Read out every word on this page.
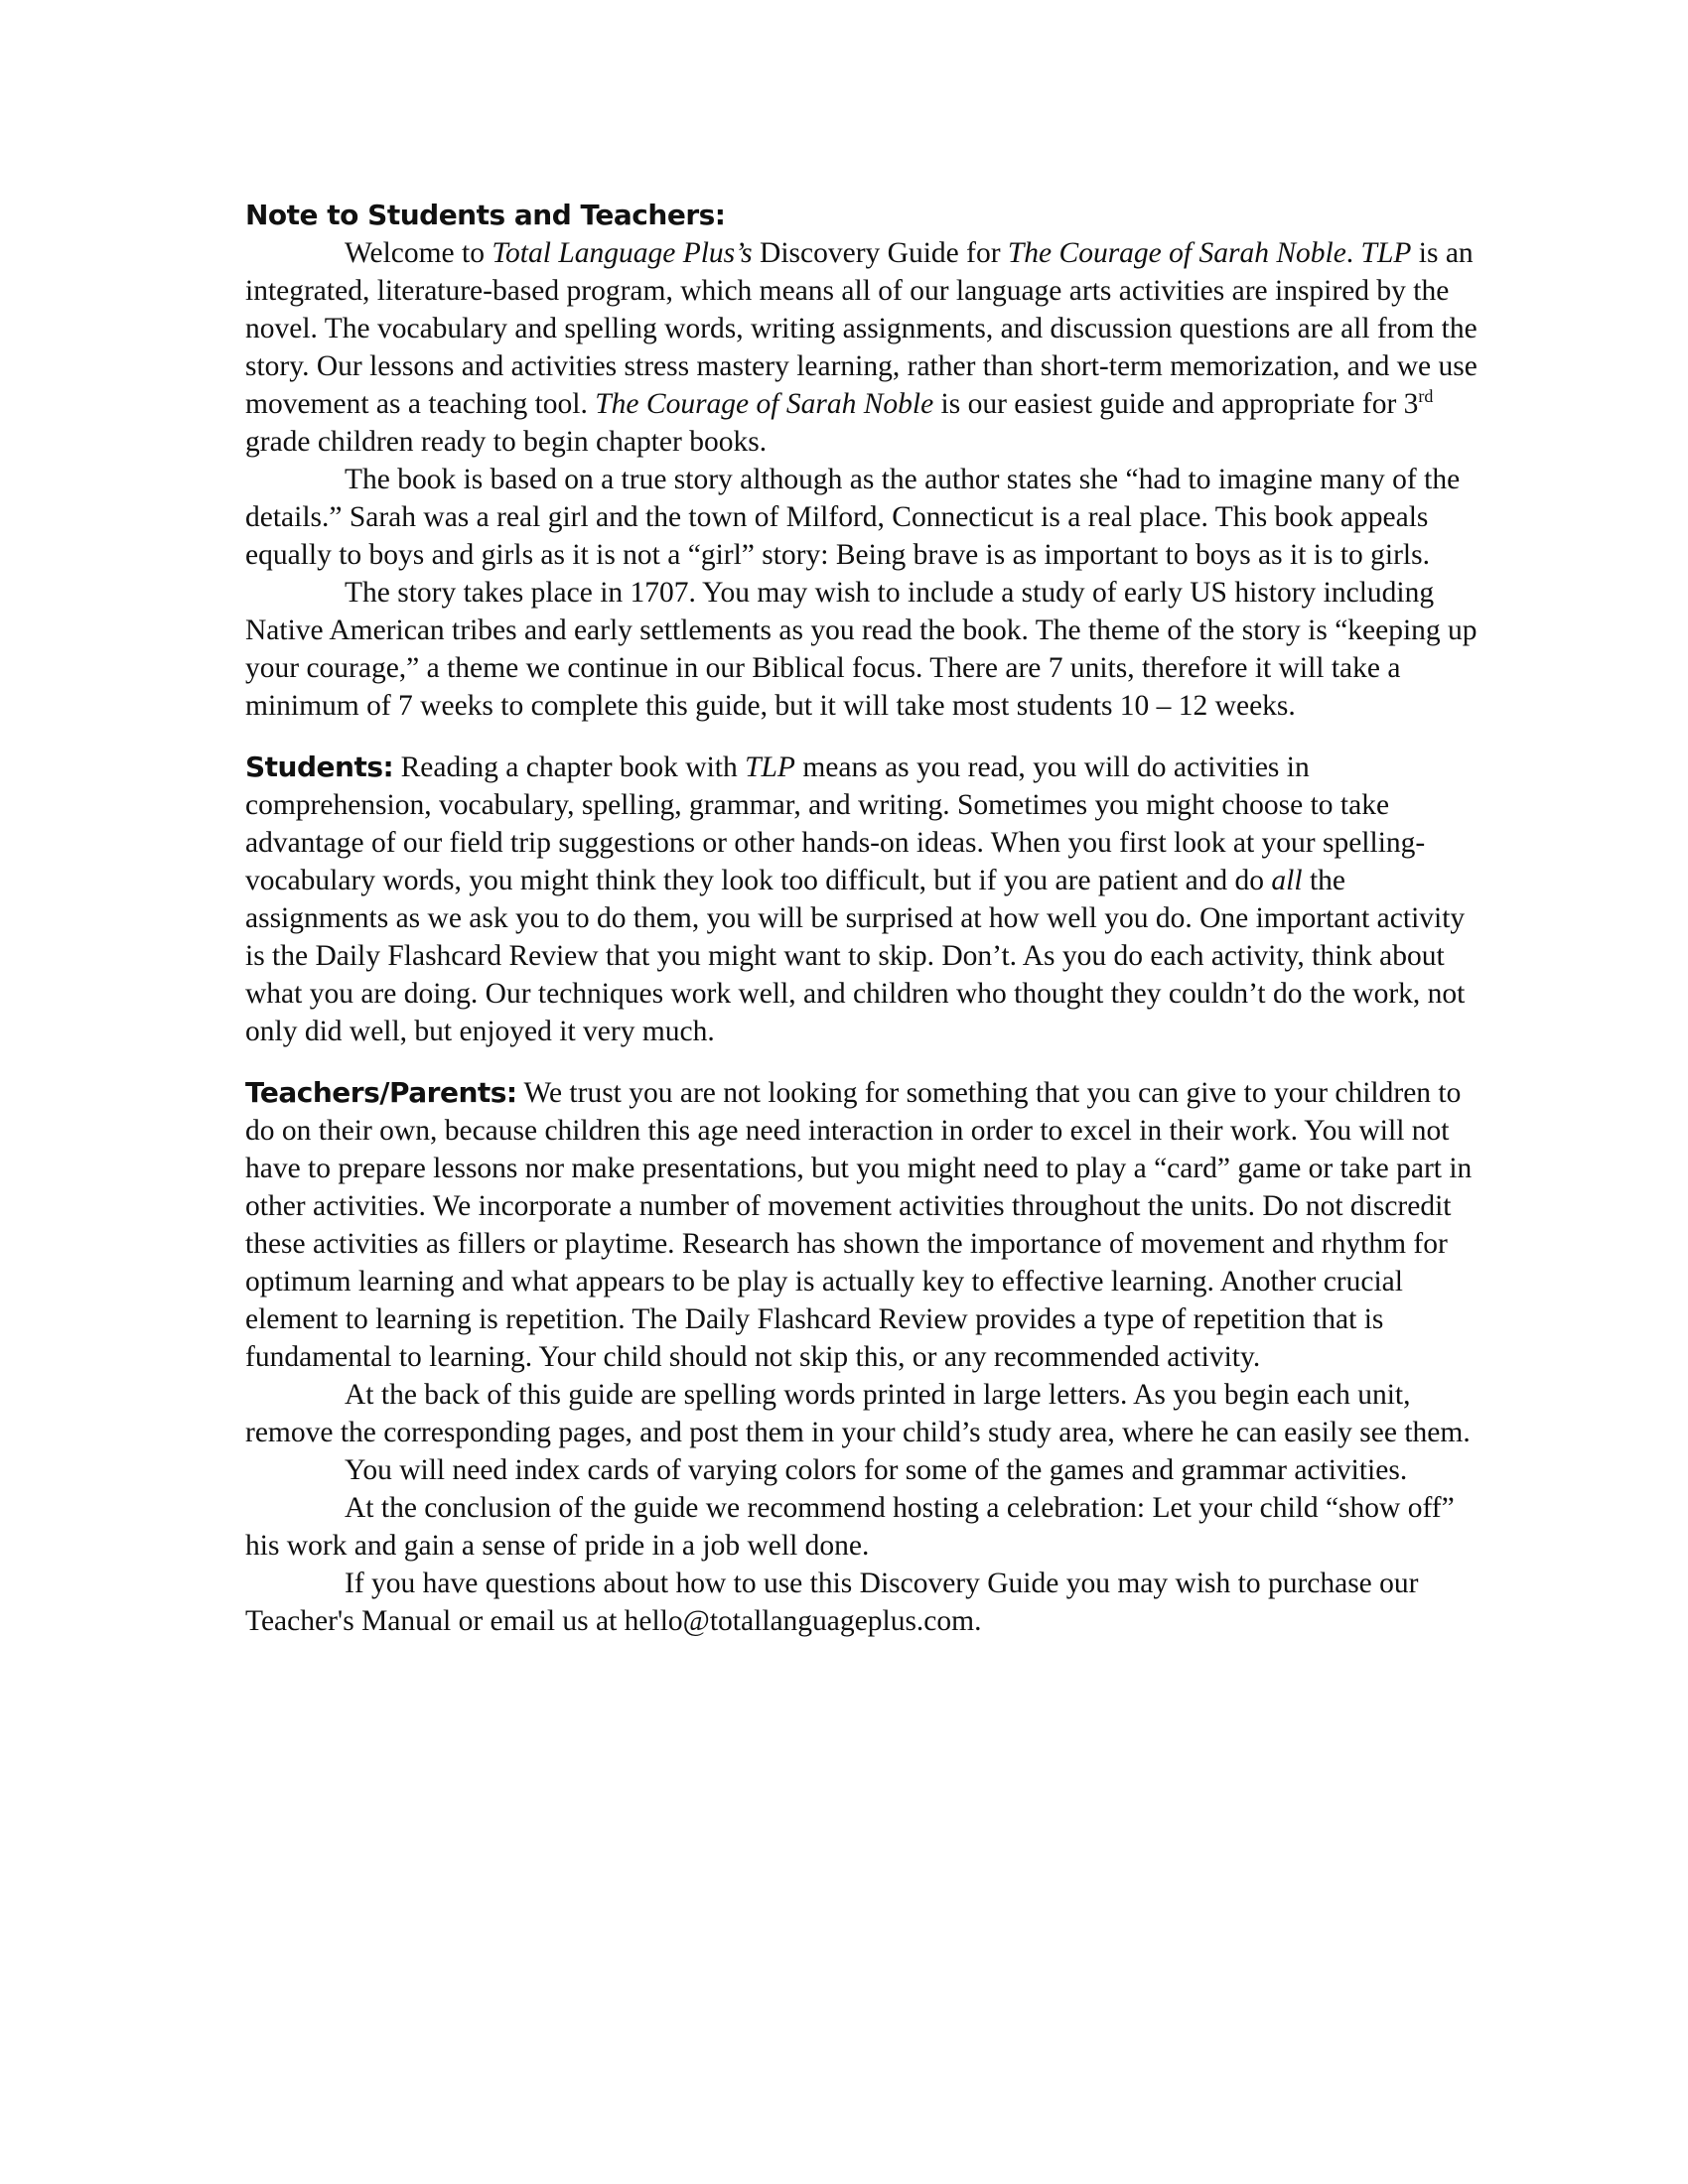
Note to Students and Teachers:

Welcome to Total Language Plus’s Discovery Guide for The Courage of Sarah Noble. TLP is an integrated, literature-based program, which means all of our language arts activities are inspired by the novel. The vocabulary and spelling words, writing assignments, and discussion questions are all from the story. Our lessons and activities stress mastery learning, rather than short-term memorization, and we use movement as a teaching tool. The Courage of Sarah Noble is our easiest guide and appropriate for 3rd grade children ready to begin chapter books.

The book is based on a true story although as the author states she “had to imagine many of the details.” Sarah was a real girl and the town of Milford, Connecticut is a real place. This book appeals equally to boys and girls as it is not a “girl” story: Being brave is as important to boys as it is to girls.

The story takes place in 1707. You may wish to include a study of early US history including Native American tribes and early settlements as you read the book. The theme of the story is “keeping up your courage,” a theme we continue in our Biblical focus. There are 7 units, therefore it will take a minimum of 7 weeks to complete this guide, but it will take most students 10 – 12 weeks.

Students: Reading a chapter book with TLP means as you read, you will do activities in comprehension, vocabulary, spelling, grammar, and writing. Sometimes you might choose to take advantage of our field trip suggestions or other hands-on ideas. When you first look at your spelling-vocabulary words, you might think they look too difficult, but if you are patient and do all the assignments as we ask you to do them, you will be surprised at how well you do. One important activity is the Daily Flashcard Review that you might want to skip. Don’t. As you do each activity, think about what you are doing. Our techniques work well, and children who thought they couldn’t do the work, not only did well, but enjoyed it very much.

Teachers/Parents: We trust you are not looking for something that you can give to your children to do on their own, because children this age need interaction in order to excel in their work. You will not have to prepare lessons nor make presentations, but you might need to play a “card” game or take part in other activities. We incorporate a number of movement activities throughout the units. Do not discredit these activities as fillers or playtime. Research has shown the importance of movement and rhythm for optimum learning and what appears to be play is actually key to effective learning. Another crucial element to learning is repetition. The Daily Flashcard Review provides a type of repetition that is fundamental to learning. Your child should not skip this, or any recommended activity.

At the back of this guide are spelling words printed in large letters. As you begin each unit, remove the corresponding pages, and post them in your child’s study area, where he can easily see them.

You will need index cards of varying colors for some of the games and grammar activities.

At the conclusion of the guide we recommend hosting a celebration: Let your child “show off” his work and gain a sense of pride in a job well done.

If you have questions about how to use this Discovery Guide you may wish to purchase our Teacher's Manual or email us at hello@totallanguageplus.com.
